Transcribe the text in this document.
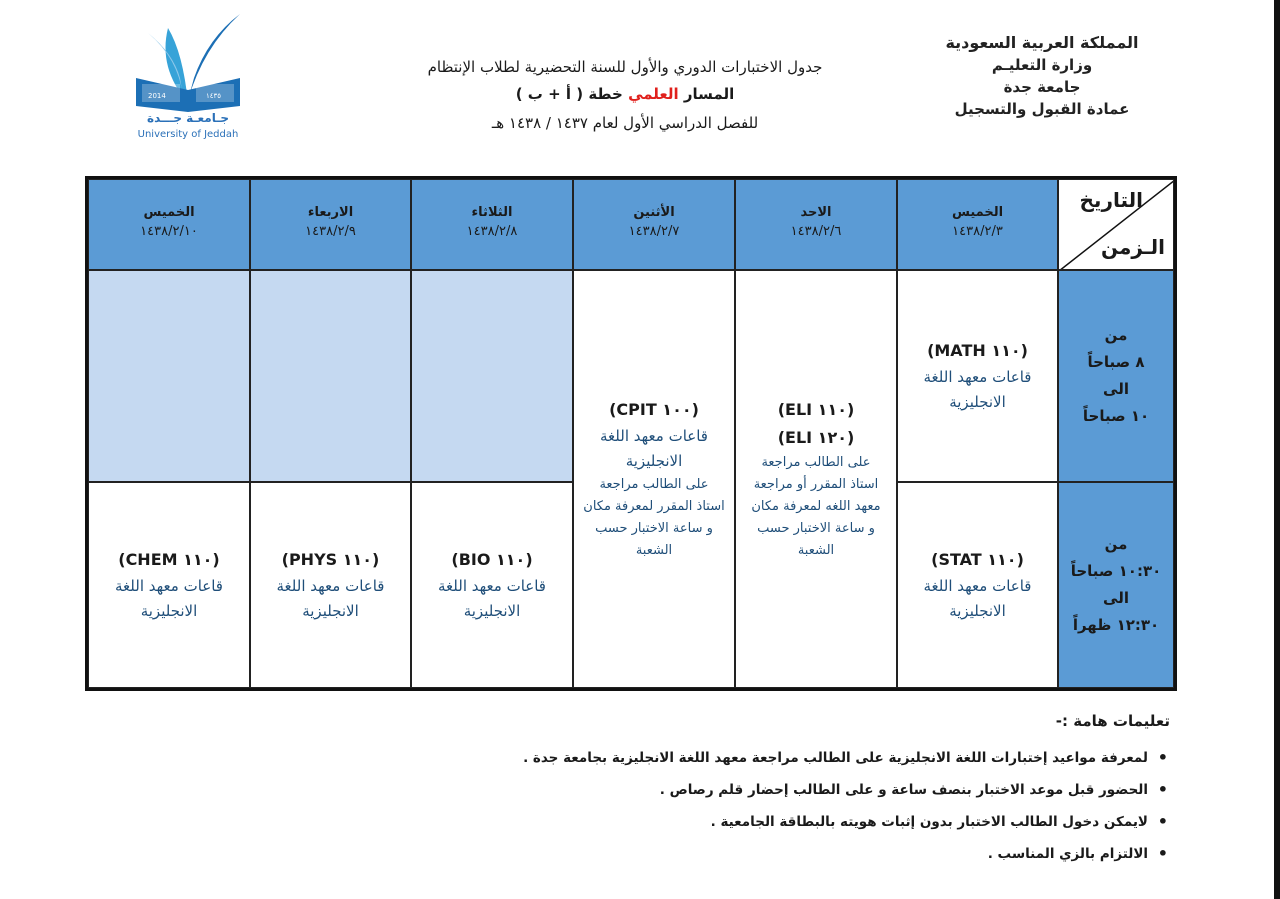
2014	١٤٣٥
جـامعـة جـــدة
University of Jeddah
جدول الاختبارات الدوري والأول للسنة التحضيرية لطلاب الإنتظام
المسار العلمي خطة ( أ + ب )
للفصل الدراسي الأول لعام ١٤٣٧ / ١٤٣٨ هـ
المملكة العربية السعودية
وزارة التعليـم
جامعة جدة
عمادة القبول والتسجيل
التاريخ
الـزمن
الخميس
١٤٣٨/٢/٣
الاحد
١٤٣٨/٢/٦
الأثنين
١٤٣٨/٢/٧
الثلاثاء
١٤٣٨/٢/٨
الاربعاء
١٤٣٨/٢/٩
الخميس
١٤٣٨/٢/١٠
من
٨ صباحاً
الى
١٠ صباحاً
من
١٠:٣٠ صباحاً
الى
١٢:٣٠ ظهراً
(MATH ١١٠)
قاعات معهد اللغة
الانجليزية
(STAT ١١٠)
قاعات معهد اللغة
الانجليزية
(ELI ١١٠)
(ELI ١٢٠)
على الطالب مراجعة
استاذ المقرر أو مراجعة
معهد اللغه لمعرفة مكان
و ساعة الاختبار حسب
الشعبة
(CPIT ١٠٠)
قاعات معهد اللغة
الانجليزية
على الطالب مراجعة
استاذ المقرر لمعرفة مكان
و ساعة الاختبار حسب
الشعبة
(BIO ١١٠)
قاعات معهد اللغة
الانجليزية
(PHYS ١١٠)
قاعات معهد اللغة
الانجليزية
(CHEM ١١٠)
قاعات معهد اللغة
الانجليزية
تعليمات هامة :-
• لمعرفة مواعيد إختبارات اللغة الانجليزية على الطالب مراجعة معهد اللغة الانجليزية بجامعة جدة .
• الحضور قبل موعد الاختبار بنصف ساعة و على الطالب إحضار قلم رصاص .
• لايمكن دخول الطالب الاختبار بدون إثبات هويته بالبطاقة الجامعية .
• الالتزام بالزي المناسب .
